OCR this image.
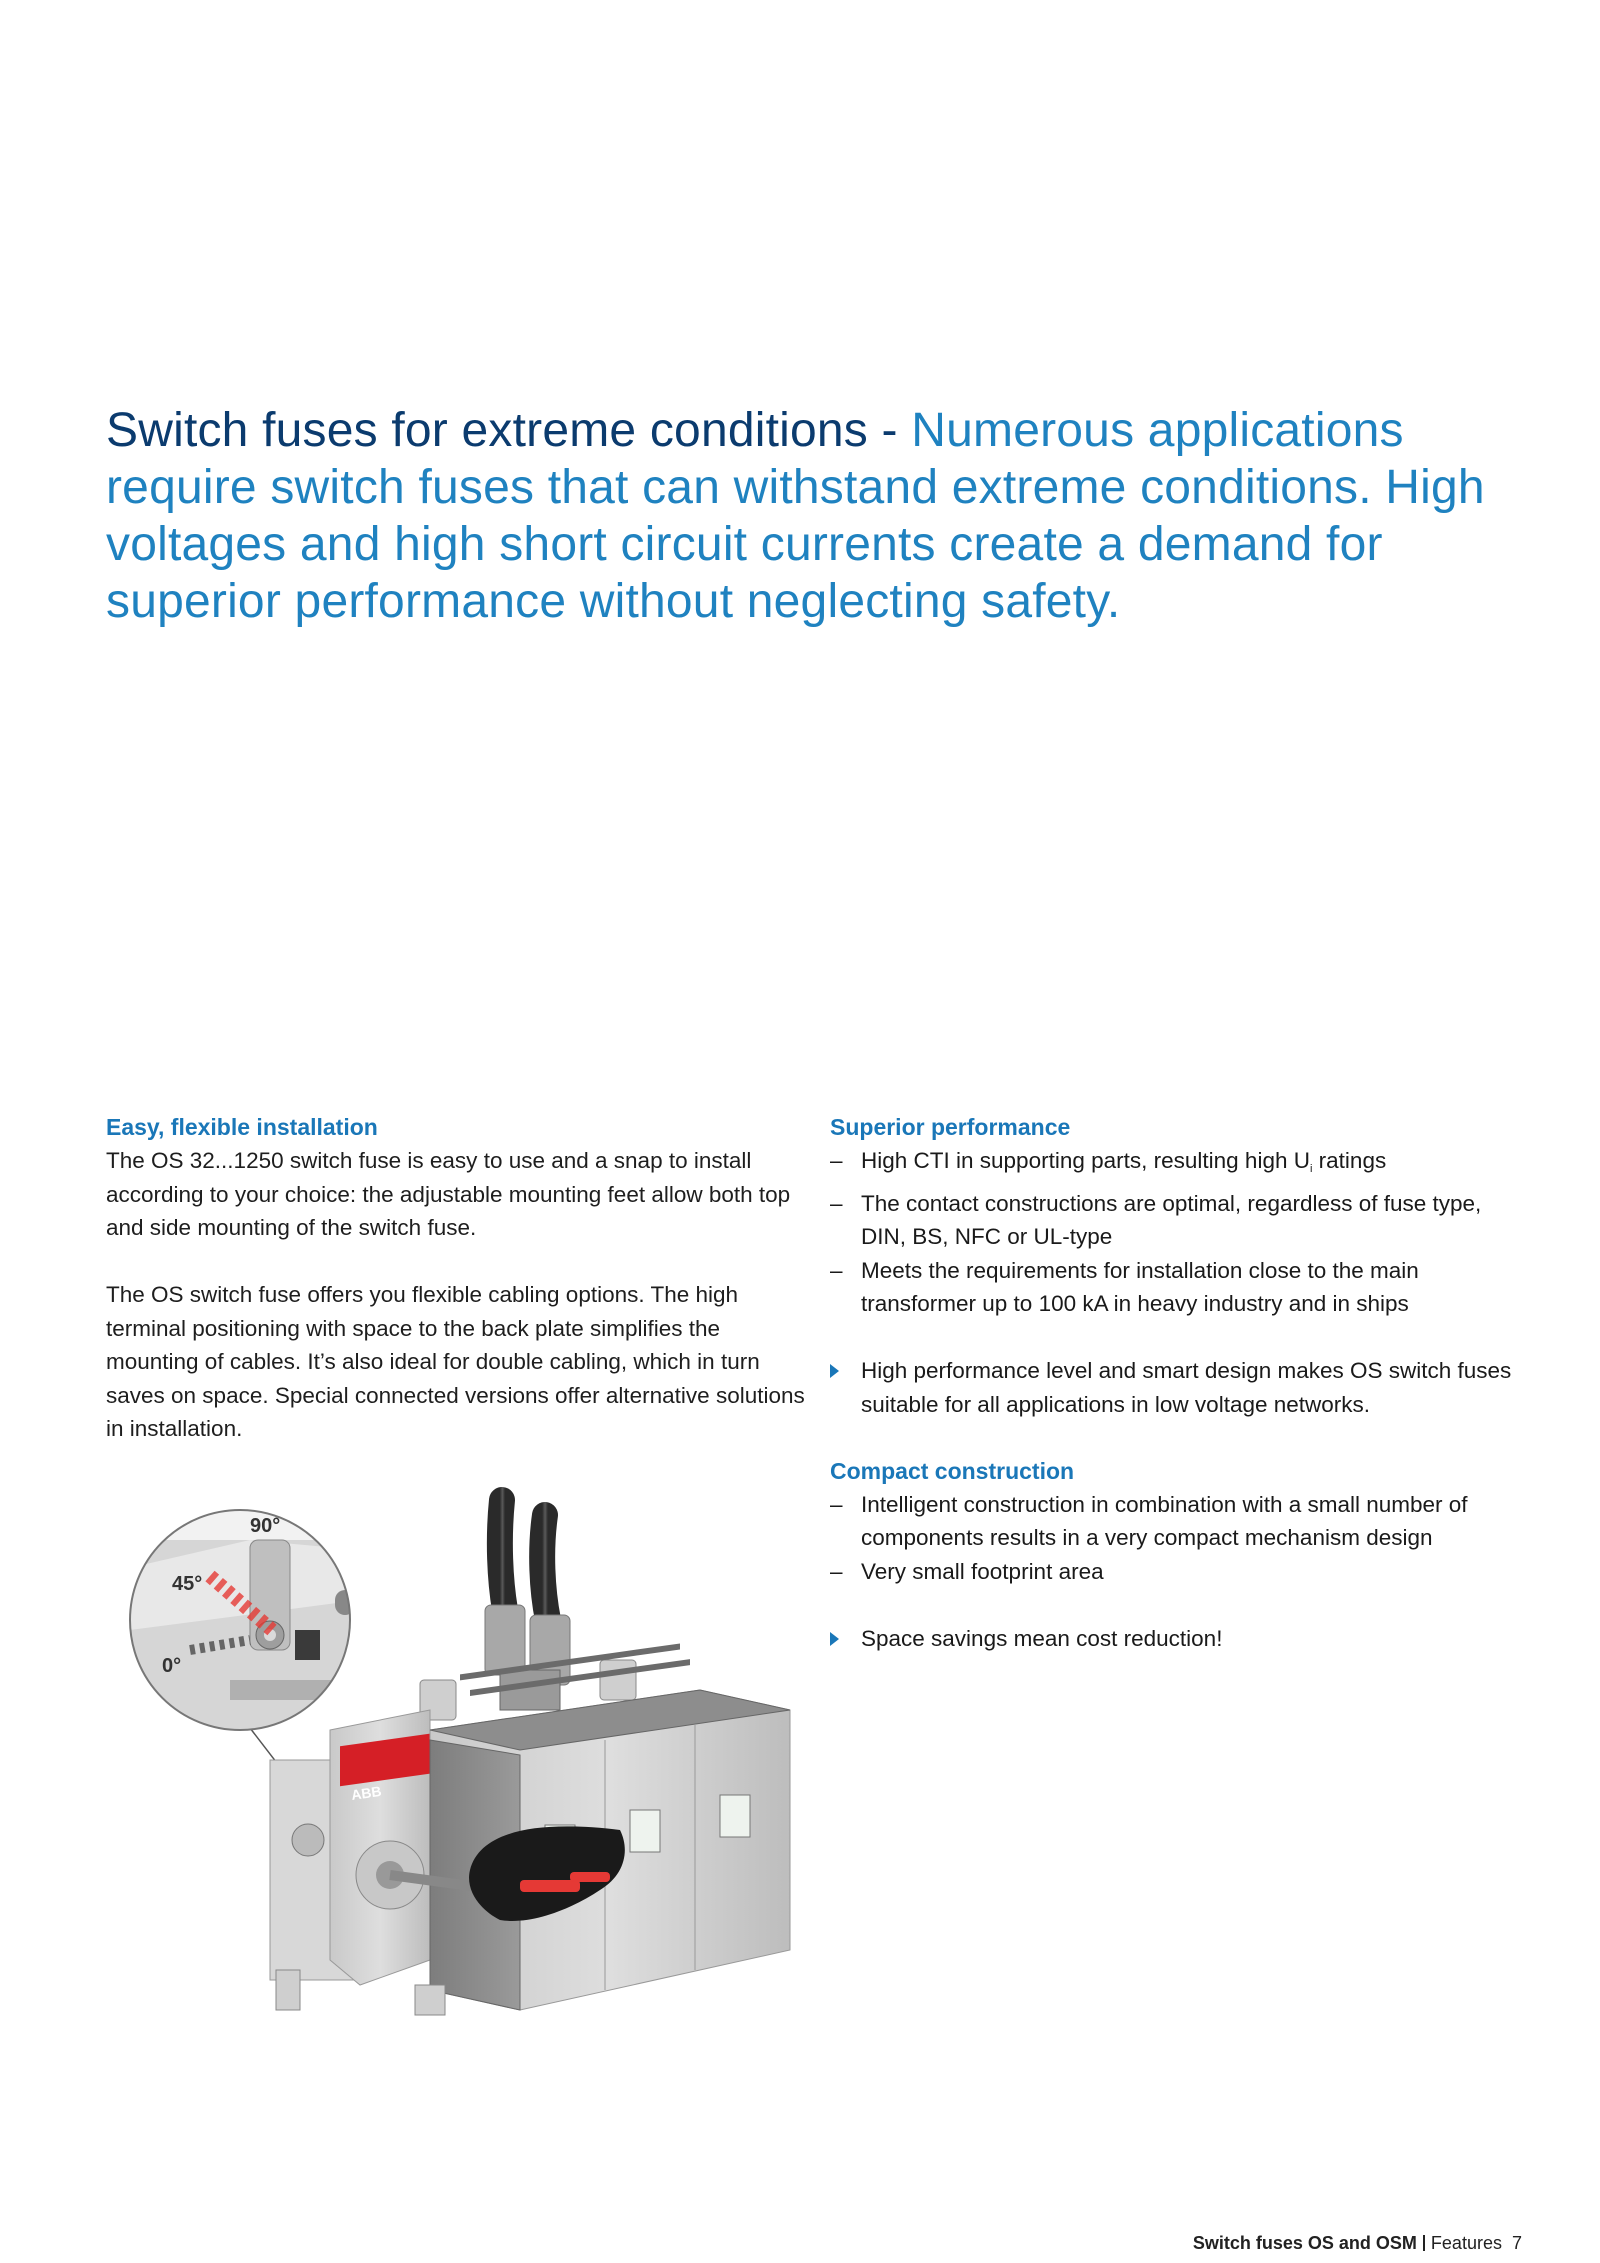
Switch fuses for extreme conditions - Numerous applications require switch fuses that can withstand extreme conditions. High voltages and high short circuit currents create a demand for superior performance without neglecting safety.
Easy, flexible installation

The OS 32...1250 switch fuse is easy to use and a snap to install according to your choice: the adjustable mounting feet allow both top and side mounting of the switch fuse.

The OS switch fuse offers you flexible cabling options. The high terminal positioning with space to the back plate simplifies the mounting of cables. It’s also ideal for double cabling, which in turn saves on space. Special connected versions offer alternative solutions in installation.

Superior performance
– High CTI in supporting parts, resulting high $U_i$ ratings
– The contact constructions are optimal, regardless of fuse type, DIN, BS, NFC or UL-type
– Meets the requirements for installation close to the main transformer up to 100 kA in heavy industry and in ships
High performance level and smart design makes OS switch fuses suitable for all applications in low voltage networks.
Compact construction
– Intelligent construction in combination with a small number of components results in a very compact mechanism design
– Very small footprint area
Space savings mean cost reduction!
90°
45°
0°
ABB
Switch fuses OS and OSM Features 7
